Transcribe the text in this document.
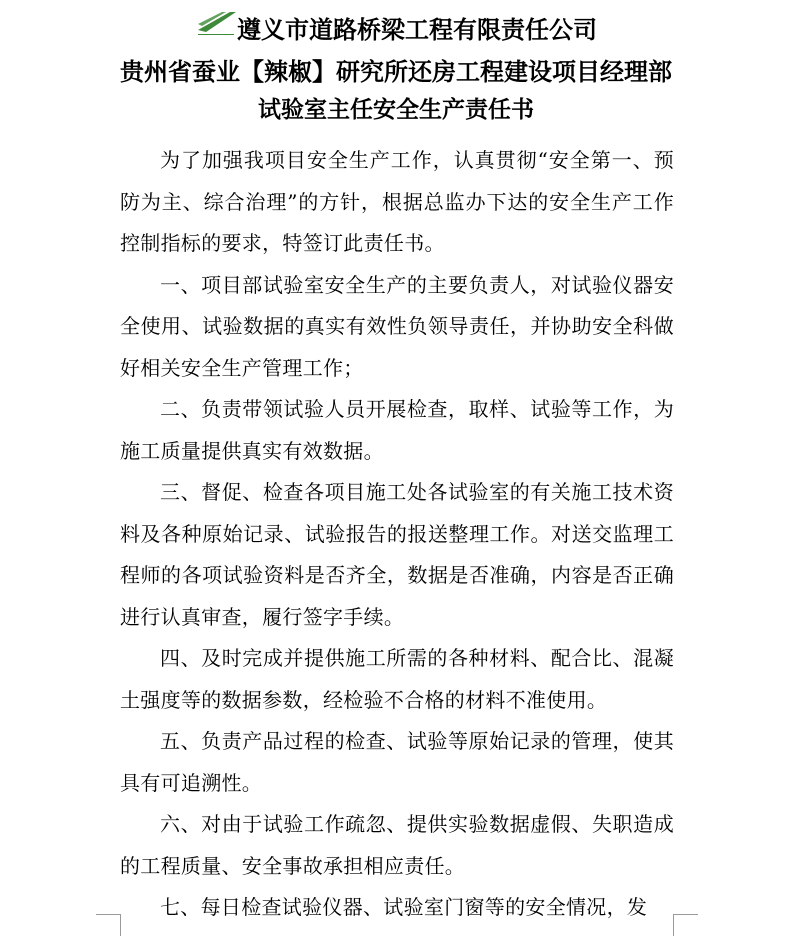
遵义市道路桥梁工程有限责任公司
贵州省蚕业【辣椒】研究所还房工程建设项目经理部
试验室主任安全生产责任书

为了加强我项目安全生产工作，认真贯彻“安全第一、预防为主、综合治理”的方针，根据总监办下达的安全生产工作控制指标的要求，特签订此责任书。

一、项目部试验室安全生产的主要负责人，对试验仪器安全使用、试验数据的真实有效性负领导责任，并协助安全科做好相关安全生产管理工作；

二、负责带领试验人员开展检查，取样、试验等工作，为施工质量提供真实有效数据。

三、督促、检查各项目施工处各试验室的有关施工技术资料及各种原始记录、试验报告的报送整理工作。对送交监理工程师的各项试验资料是否齐全，数据是否准确，内容是否正确进行认真审查，履行签字手续。

四、及时完成并提供施工所需的各种材料、配合比、混凝土强度等的数据参数，经检验不合格的材料不准使用。

五、负责产品过程的检查、试验等原始记录的管理，使其具有可追溯性。

六、对由于试验工作疏忽、提供实验数据虚假、失职造成的工程质量、安全事故承担相应责任。

七、每日检查试验仪器、试验室门窗等的安全情况，发
